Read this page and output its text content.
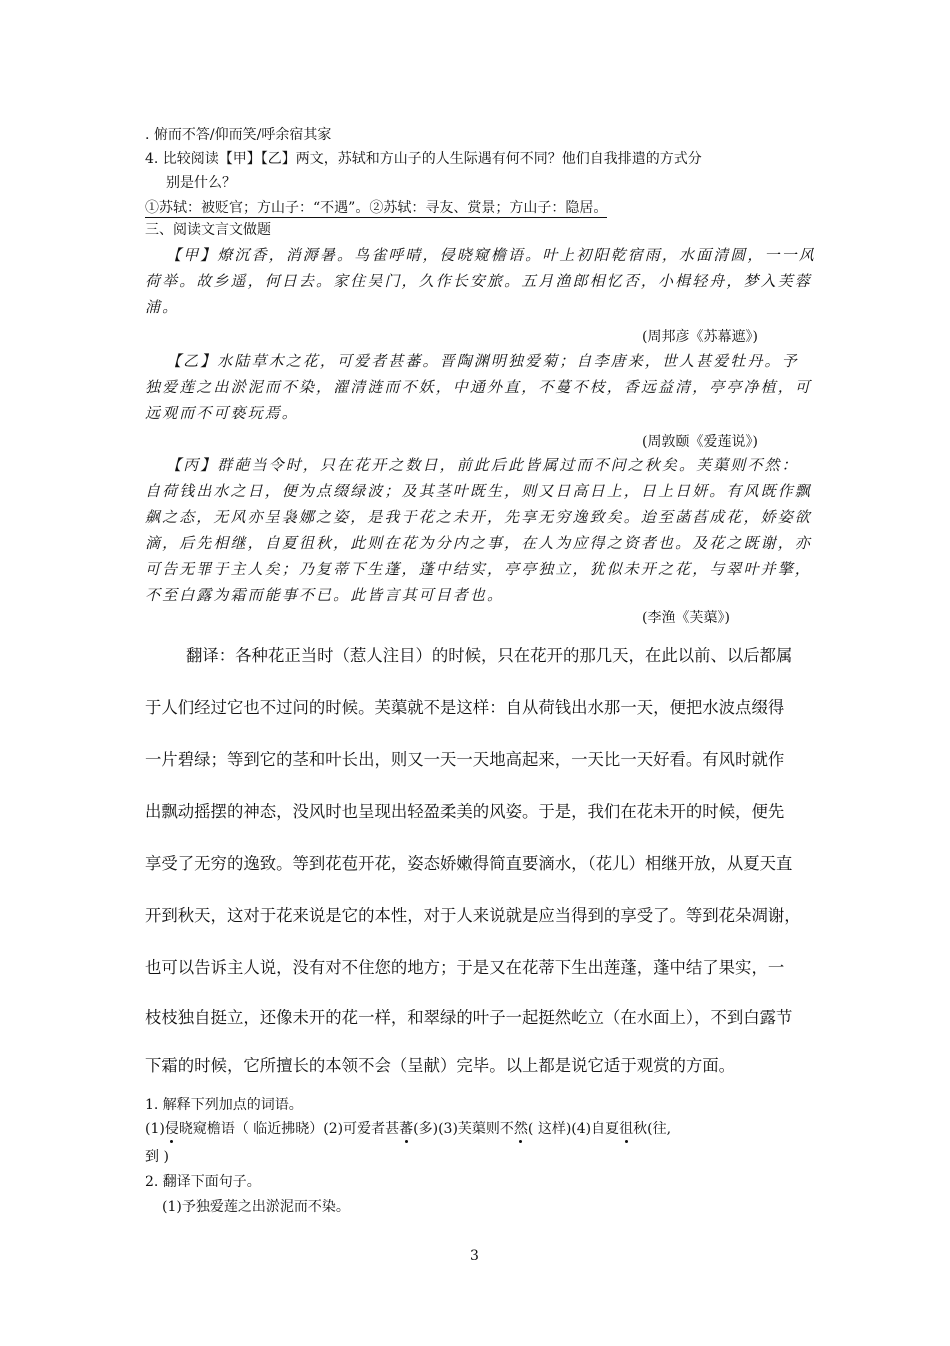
. 俯而不答/仰而笑/呼余宿其家
4. 比较阅读【甲】【乙】两文，苏轼和方山子的人生际遇有何不同？他们自我排遣的方式分
别是什么？
①苏轼：被贬官；方山子：“不遇”。②苏轼：寻友、赏景；方山子：隐居。
三、阅读文言文做题
【甲】燎沉香，消溽暑。鸟雀呼晴，侵晓窥檐语。叶上初阳乾宿雨，水面清圆，一一风
荷举。故乡遥，何日去。家住吴门，久作长安旅。五月渔郎相忆否，小楫轻舟，梦入芙蓉
浦。
(周邦彦《苏幕遮》)
【乙】水陆草木之花，可爱者甚蕃。晋陶渊明独爱菊；自李唐来，世人甚爱牡丹。予
独爱莲之出淤泥而不染，濯清涟而不妖，中通外直，不蔓不枝，香远益清，亭亭净植，可
远观而不可亵玩焉。
(周敦颐《爱莲说》)
【丙】群葩当令时，只在花开之数日，前此后此皆属过而不问之秋矣。芙蕖则不然：
自荷钱出水之日，便为点缀绿波；及其茎叶既生，则又日高日上，日上日妍。有风既作飘
飙之态，无风亦呈袅娜之姿，是我于花之未开，先享无穷逸致矣。迨至菡萏成花，娇姿欲
滴，后先相继，自夏徂秋，此则在花为分内之事，在人为应得之资者也。及花之既谢，亦
可告无罪于主人矣；乃复蒂下生蓬，蓬中结实，亭亭独立，犹似未开之花，与翠叶并擎，
不至白露为霜而能事不已。此皆言其可目者也。
(李渔《芙蕖》)
翻译：各种花正当时（惹人注目）的时候，只在花开的那几天，在此以前、以后都属
于人们经过它也不过问的时候。芙蕖就不是这样：自从荷钱出水那一天，便把水波点缀得
一片碧绿；等到它的茎和叶长出，则又一天一天地高起来，一天比一天好看。有风时就作
出飘动摇摆的神态，没风时也呈现出轻盈柔美的风姿。于是，我们在花未开的时候，便先
享受了无穷的逸致。等到花苞开花，姿态娇嫩得简直要滴水，（花儿）相继开放，从夏天直
开到秋天，这对于花来说是它的本性，对于人来说就是应当得到的享受了。等到花朵凋谢，
也可以告诉主人说，没有对不住您的地方；于是又在花蒂下生出莲蓬，蓬中结了果实，一
枝枝独自挺立，还像未开的花一样，和翠绿的叶子一起挺然屹立（在水面上），不到白露节
下霜的时候，它所擅长的本领不会（呈献）完毕。以上都是说它适于观赏的方面。
1. 解释下列加点的词语。
(1)侵晓窥檐语（ 临近拂晓）(2)可爱者甚蕃(多)(3)芙蕖则不然( 这样)(4)自夏徂秋(往,
到 )
2. 翻译下面句子。
(1)予独爱莲之出淤泥而不染。
3
